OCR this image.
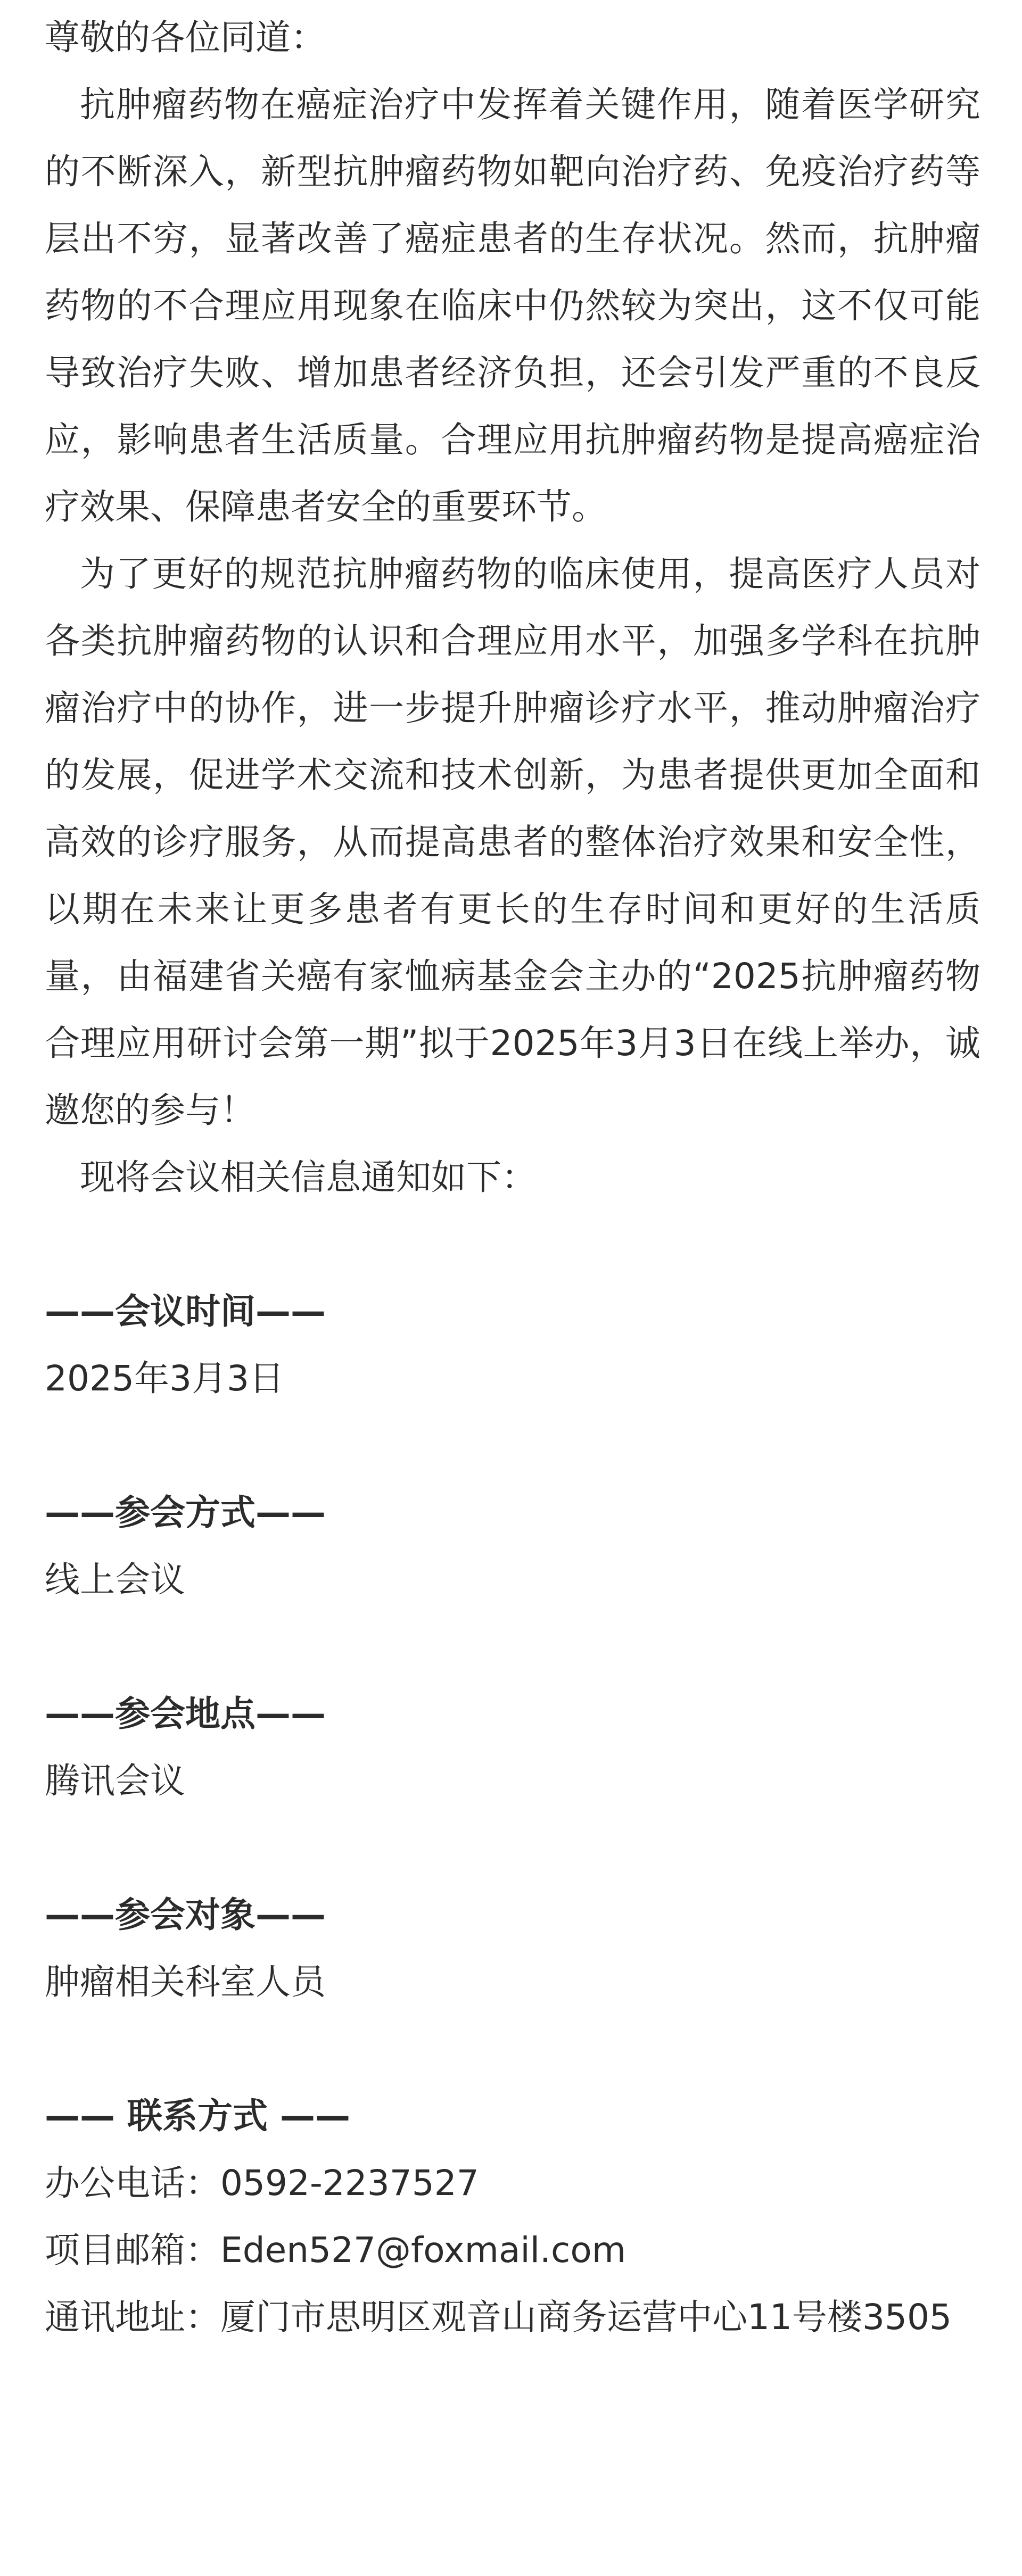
尊敬的各位同道：

抗肿瘤药物在癌症治疗中发挥着关键作用，随着医学研究的不断深入，新型抗肿瘤药物如靶向治疗药、免疫治疗药等层出不穷，显著改善了癌症患者的生存状况。然而，抗肿瘤药物的不合理应用现象在临床中仍然较为突出，这不仅可能导致治疗失败、增加患者经济负担，还会引发严重的不良反应，影响患者生活质量。合理应用抗肿瘤药物是提高癌症治疗效果、保障患者安全的重要环节。

为了更好的规范抗肿瘤药物的临床使用，提高医疗人员对各类抗肿瘤药物的认识和合理应用水平，加强多学科在抗肿瘤治疗中的协作，进一步提升肿瘤诊疗水平，推动肿瘤治疗的发展，促进学术交流和技术创新，为患者提供更加全面和高效的诊疗服务，从而提高患者的整体治疗效果和安全性，以期在未来让更多患者有更长的生存时间和更好的生活质量，由福建省关癌有家恤病基金会主办的“2025抗肿瘤药物合理应用研讨会第一期”拟于2025年3月3日在线上举办，诚邀您的参与！

现将会议相关信息通知如下：

——会议时间——

2025年3月3日

——参会方式——

线上会议

——参会地点——

腾讯会议

——参会对象——

肿瘤相关科室人员

—— 联系方式 ——

办公电话：0592-2237527

项目邮箱：Eden527@foxmail.com

通讯地址：厦门市思明区观音山商务运营中心11号楼3505
